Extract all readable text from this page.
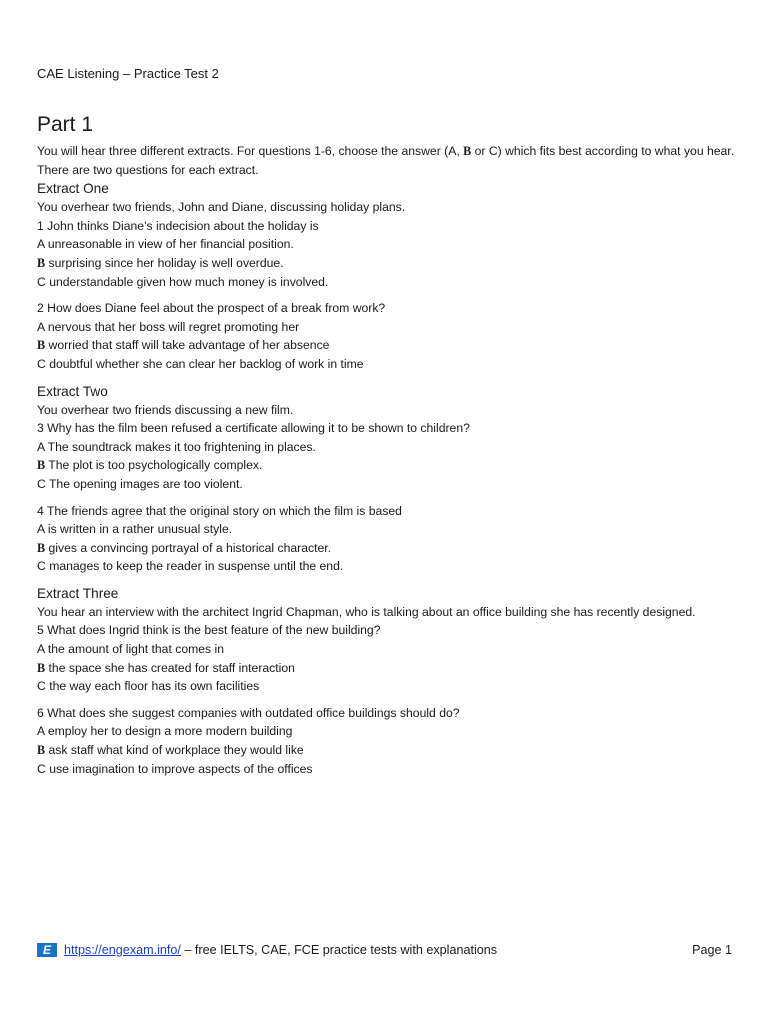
CAE Listening – Practice Test 2
Part 1

You will hear three different extracts. For questions 1-6, choose the answer (A, B or C) which fits best according to what you hear. There are two questions for each extract.

Extract One

You overhear two friends, John and Diane, discussing holiday plans.

1 John thinks Diane’s indecision about the holiday is

A unreasonable in view of her financial position.

B surprising since her holiday is well overdue.

C understandable given how much money is involved.

2 How does Diane feel about the prospect of a break from work?

A nervous that her boss will regret promoting her

B worried that staff will take advantage of her absence

C doubtful whether she can clear her backlog of work in time

Extract Two

You overhear two friends discussing a new film.

3 Why has the film been refused a certificate allowing it to be shown to children?

A The soundtrack makes it too frightening in places.

B The plot is too psychologically complex.

C The opening images are too violent.

4 The friends agree that the original story on which the film is based

A is written in a rather unusual style.

B gives a convincing portrayal of a historical character.

C manages to keep the reader in suspense until the end.

Extract Three

You hear an interview with the architect Ingrid Chapman, who is talking about an office building she has recently designed.

5 What does Ingrid think is the best feature of the new building?

A the amount of light that comes in

B the space she has created for staff interaction

C the way each floor has its own facilities

6 What does she suggest companies with outdated office buildings should do?

A employ her to design a more modern building

B ask staff what kind of workplace they would like

C use imagination to improve aspects of the offices

E	https://engexam.info/ – free IELTS, CAE, FCE practice tests with explanations	Page 1
